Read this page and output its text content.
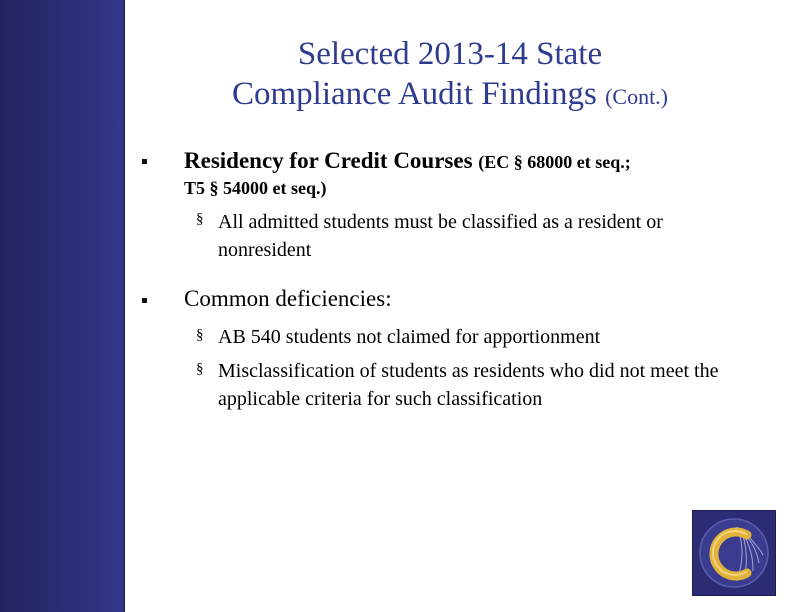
Selected 2013-14 State
Compliance Audit Findings (Cont.)
Residency for Credit Courses (EC § 68000 et seq.;
T5 § 54000 et seq.)
§ All admitted students must be classified as a resident or nonresident
Common deficiencies:
§ AB 540 students not claimed for apportionment
§ Misclassification of students as residents who did not meet the applicable criteria for such classification
